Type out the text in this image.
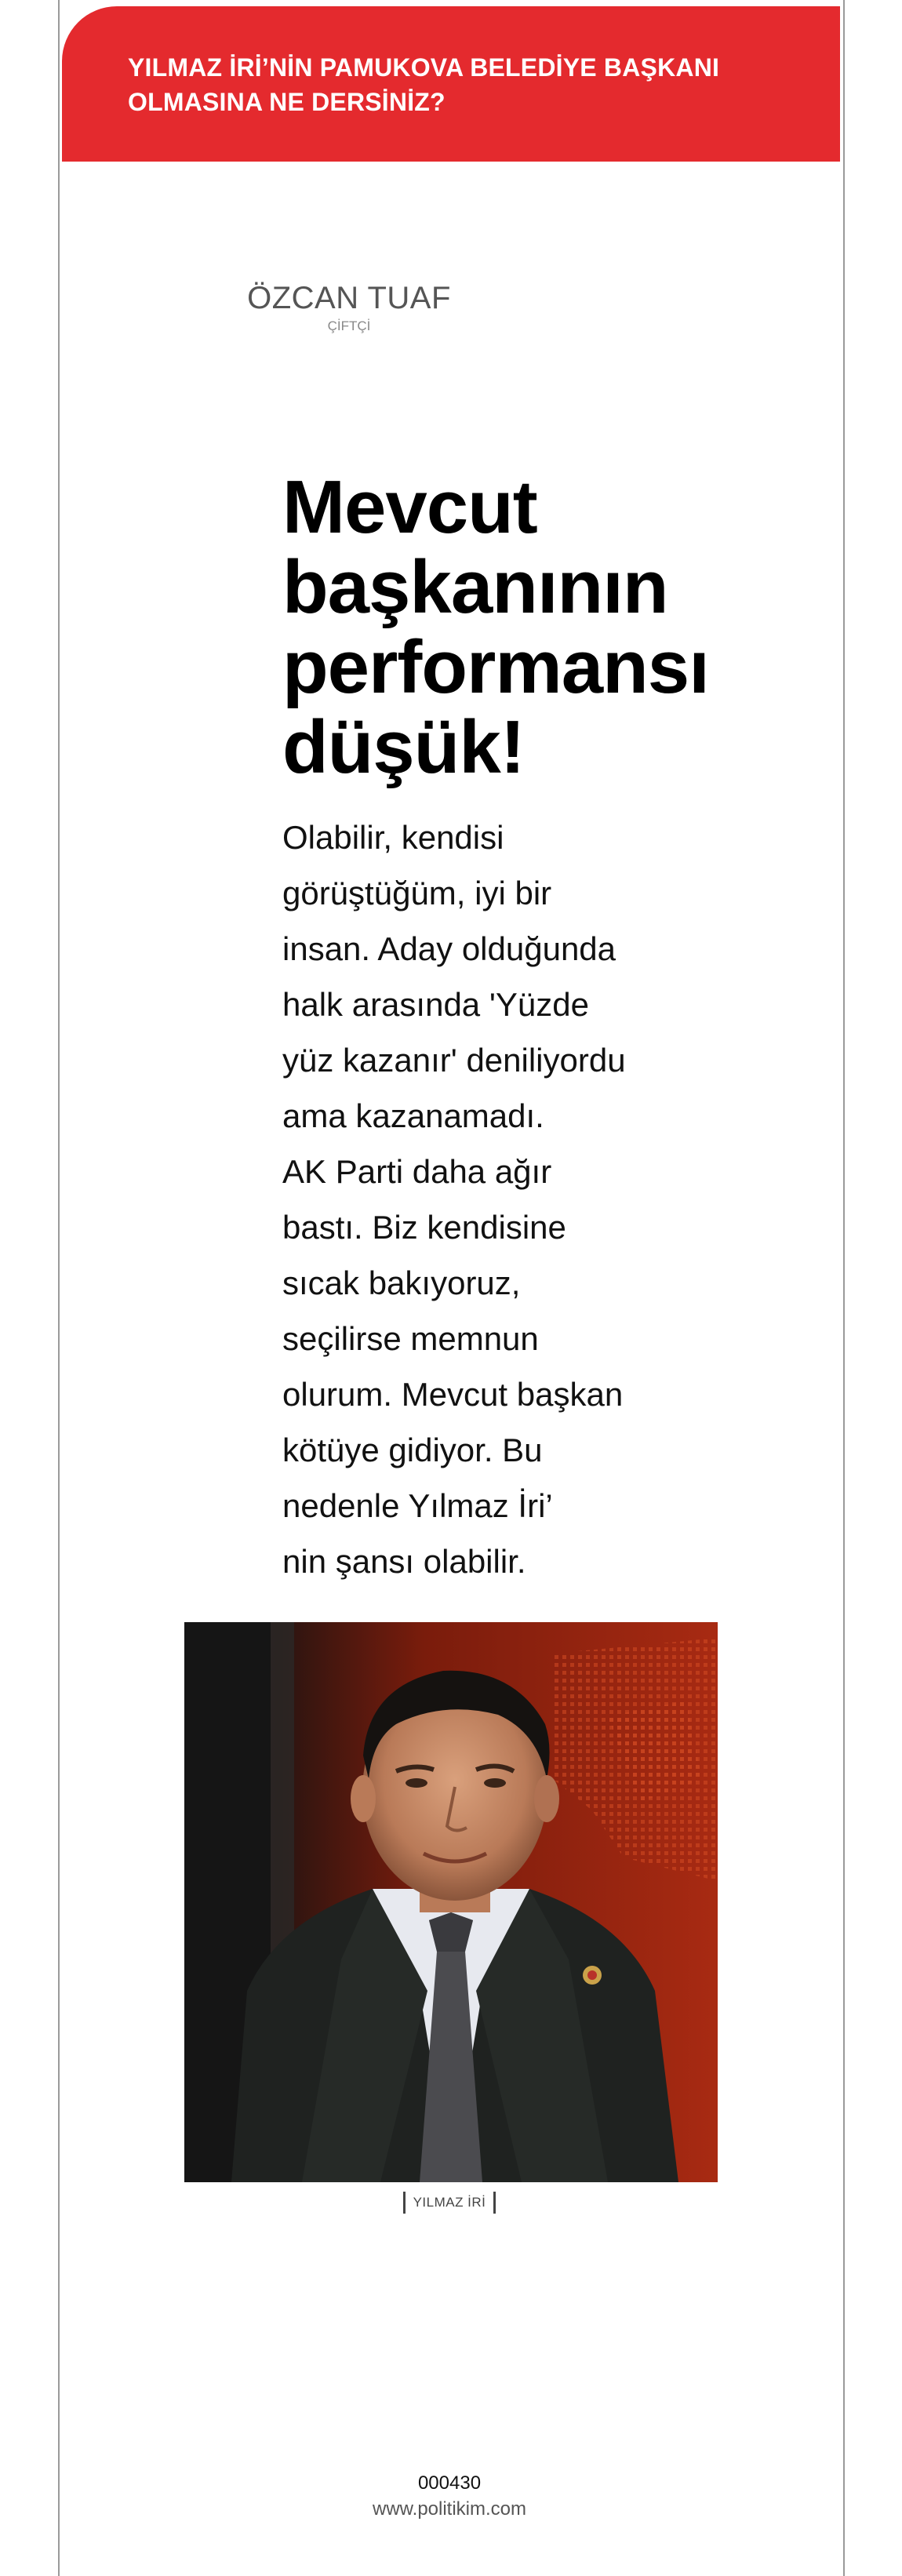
YILMAZ İRİ’NİN PAMUKOVA BELEDİYE BAŞKANI OLMASINA NE DERSİNİZ?
ÖZCAN TUAF
ÇİFTÇİ
Mevcut
başkanının
performansı
düşük!
Olabilir, kendisi
görüştüğüm, iyi bir
insan. Aday olduğunda
halk arasında 'Yüzde
yüz kazanır' deniliyordu
ama kazanamadı.
AK Parti daha ağır
bastı. Biz kendisine
sıcak bakıyoruz,
seçilirse memnun
olurum. Mevcut başkan
kötüye gidiyor. Bu
nedenle Yılmaz İri’
nin şansı olabilir.
YILMAZ İRİ
000430
www.politikim.com
